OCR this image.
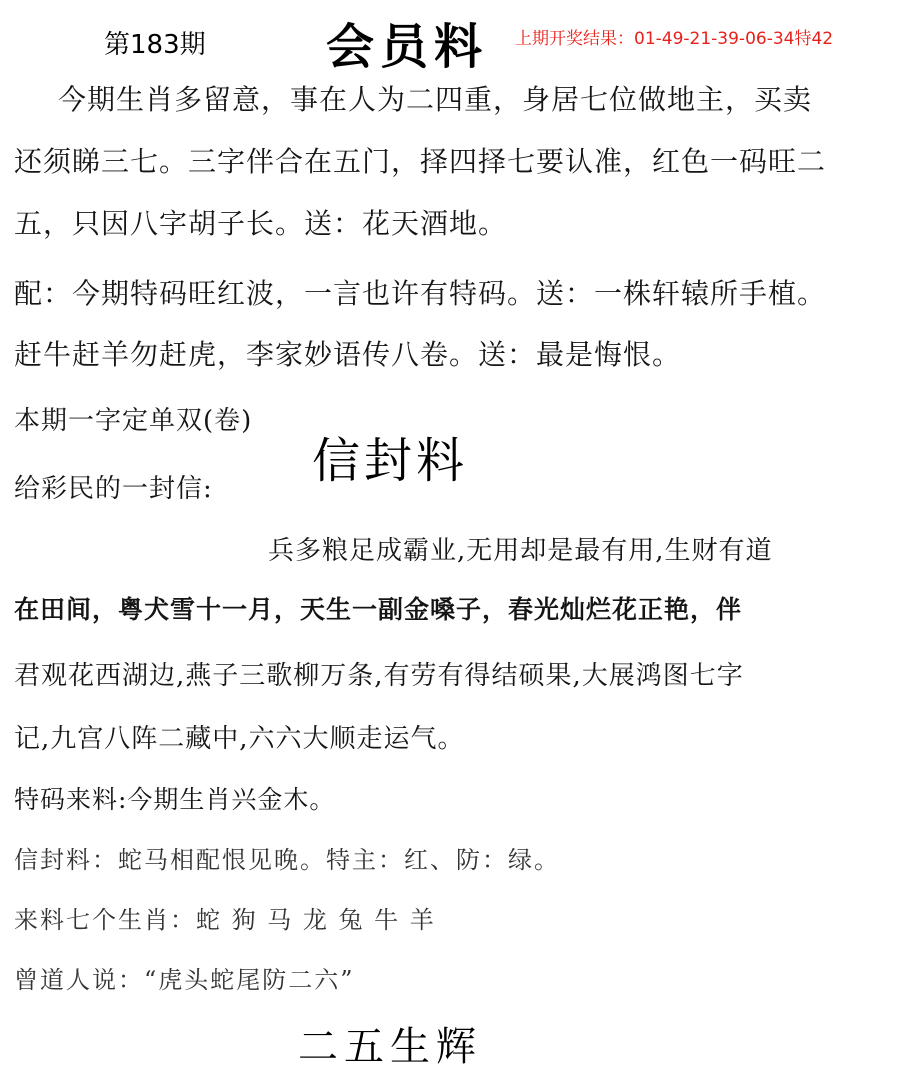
第183期	会员料 上期开奖结果：01-49-21-39-06-34特42
今期生肖多留意，事在人为二四重，身居七位做地主，买卖
还须睇三七。三字伴合在五门，择四择七要认准，红色一码旺二
五，只因八字胡子长。送：花天酒地。
配：今期特码旺红波，一言也许有特码。送：一株轩辕所手植。
赶牛赶羊勿赶虎，李家妙语传八卷。送：最是悔恨。
本期一字定单双(卷)
信封料
给彩民的一封信:
兵多粮足成霸业,无用却是最有用,生财有道
在田间，粤犬雪十一月，天生一副金嗓子，春光灿烂花正艳，伴
君观花西湖边,燕子三歌柳万条,有劳有得结硕果,大展鸿图七字
记,九宫八阵二藏中,六六大顺走运气。
特码来料:今期生肖兴金木。
信封料：蛇马相配恨见晚。特主：红、防：绿。
来料七个生肖：蛇 狗 马 龙 兔 牛 羊
曾道人说：“虎头蛇尾防二六”
二五生辉
